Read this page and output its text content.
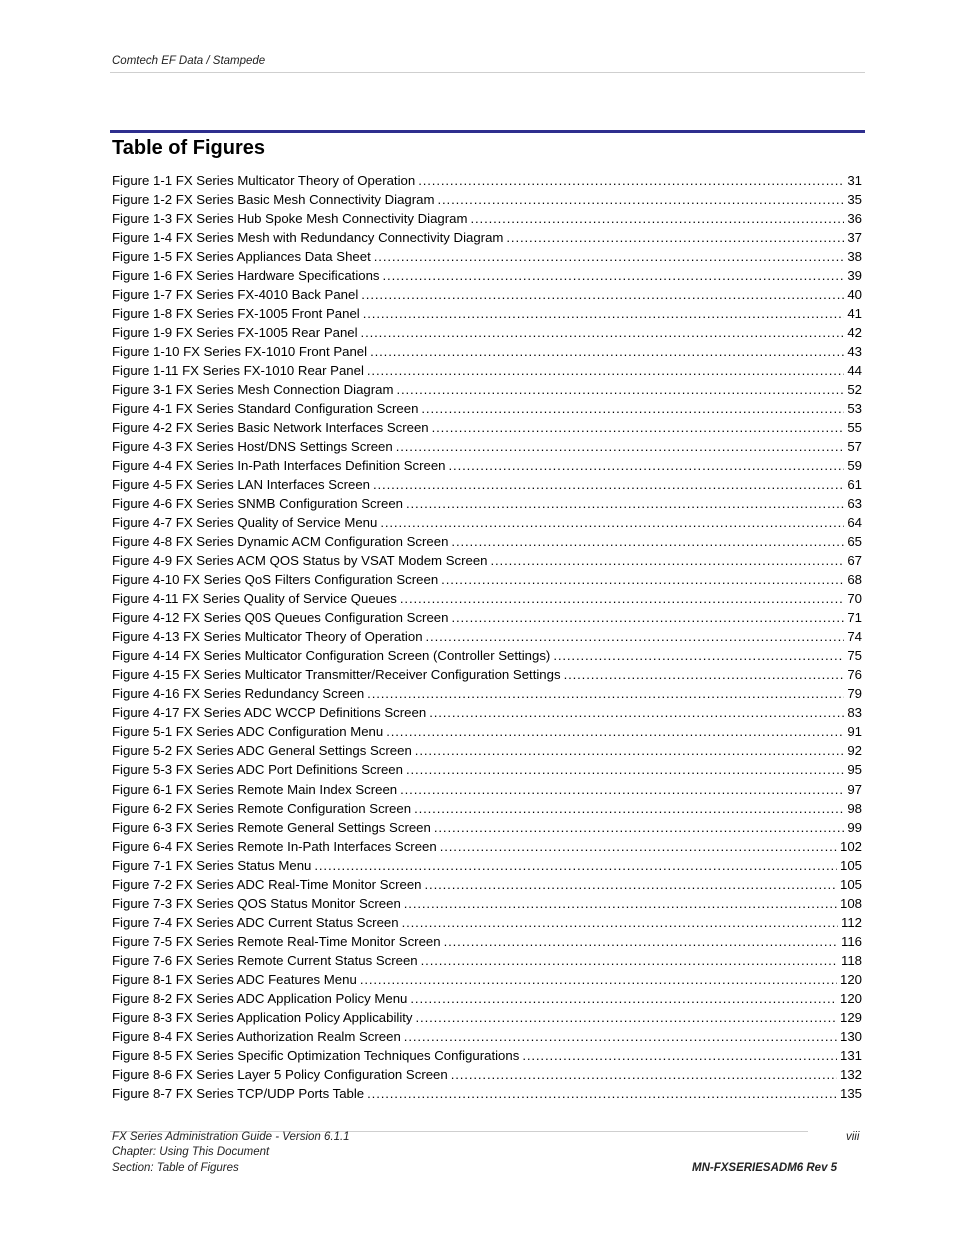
Comtech EF Data / Stampede
Table of Figures
Figure 1-1 FX Series Multicator Theory of Operation . . .	31
Figure 1-2 FX Series Basic Mesh Connectivity Diagram . . .	35
Figure 1-3 FX Series Hub Spoke Mesh Connectivity Diagram . . .	36
Figure 1-4 FX Series Mesh with Redundancy Connectivity Diagram . . .	37
Figure 1-5 FX Series Appliances Data Sheet . . .	38
Figure 1-6 FX Series Hardware Specifications . . .	39
Figure 1-7 FX Series FX-4010 Back Panel . . .	40
Figure 1-8 FX Series FX-1005 Front Panel . . .	41
Figure 1-9 FX Series FX-1005 Rear Panel . . .	42
Figure 1-10 FX Series FX-1010 Front Panel . . .	43
Figure 1-11 FX Series FX-1010 Rear Panel . . .	44
Figure 3-1 FX Series Mesh Connection Diagram . . .	52
Figure 4-1 FX Series Standard Configuration Screen . . .	53
Figure 4-2 FX Series Basic Network Interfaces Screen . . .	55
Figure 4-3 FX Series Host/DNS Settings Screen . . .	57
Figure 4-4 FX Series In-Path Interfaces Definition Screen . . .	59
Figure 4-5 FX Series LAN Interfaces Screen . . .	61
Figure 4-6 FX Series SNMB Configuration Screen . . .	63
Figure 4-7 FX Series Quality of Service Menu . . .	64
Figure 4-8 FX Series Dynamic ACM Configuration Screen . . .	65
Figure 4-9 FX Series ACM QOS Status by VSAT Modem Screen . . .	67
Figure 4-10 FX Series QoS Filters Configuration Screen . . .	68
Figure 4-11 FX Series Quality of Service Queues . . .	70
Figure 4-12 FX Series Q0S Queues Configuration Screen . . .	71
Figure 4-13 FX Series Multicator Theory of Operation . . .	74
Figure 4-14 FX Series Multicator Configuration Screen (Controller Settings) . . .	75
Figure 4-15 FX Series Multicator Transmitter/Receiver Configuration Settings . . .	76
Figure 4-16 FX Series Redundancy Screen . . .	79
Figure 4-17 FX Series ADC WCCP Definitions Screen . . .	83
Figure 5-1 FX Series ADC Configuration Menu . . .	91
Figure 5-2 FX Series ADC General Settings Screen . . .	92
Figure 5-3 FX Series ADC Port Definitions Screen . . .	95
Figure 6-1 FX Series Remote Main Index Screen . . .	97
Figure 6-2 FX Series Remote Configuration Screen . . .	98
Figure 6-3 FX Series Remote General Settings Screen . . .	99
Figure 6-4 FX Series Remote In-Path Interfaces Screen . . .	102
Figure 7-1 FX Series Status Menu . . .	105
Figure 7-2 FX Series ADC Real-Time Monitor Screen . . .	105
Figure 7-3 FX Series QOS Status Monitor Screen . . .	108
Figure 7-4 FX Series ADC Current Status Screen . . .	112
Figure 7-5 FX Series Remote Real-Time Monitor Screen . . .	116
Figure 7-6 FX Series Remote Current Status Screen . . .	118
Figure 8-1 FX Series ADC Features Menu . . .	120
Figure 8-2 FX Series ADC Application Policy Menu . . .	120
Figure 8-3 FX Series Application Policy Applicability . . .	129
Figure 8-4 FX Series Authorization Realm Screen . . .	130
Figure 8-5 FX Series Specific Optimization Techniques Configurations . . .	131
Figure 8-6 FX Series Layer 5 Policy Configuration Screen . . .	132
Figure 8-7 FX Series TCP/UDP Ports Table . . .	135
FX Series Administration Guide - Version 6.1.1
Chapter: Using This Document
Section: Table of Figures
viii
MN-FXSERIESADM6 Rev 5
